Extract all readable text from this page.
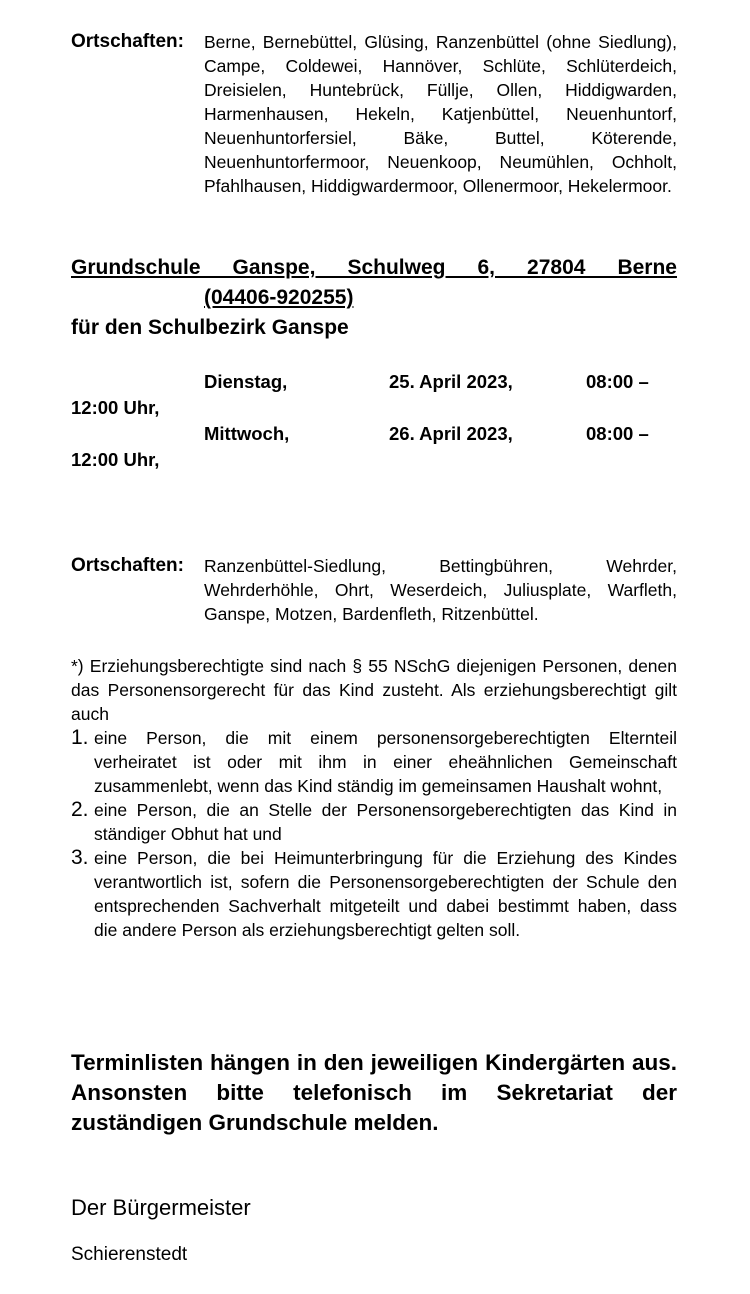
Ortschaften: Berne, Bernebüttel, Glüsing, Ranzenbüttel (ohne Siedlung), Campe, Coldewei, Hannöver, Schlüte, Schlüterdeich, Dreisielen, Huntebrück, Füllje, Ollen, Hiddigwarden, Harmenhausen, Hekeln, Katjenbüttel, Neuenhuntorf, Neuenhuntorfersiel, Bäke, Buttel, Köterende, Neuenhuntorfermoor, Neuenkoop, Neumühlen, Ochholt, Pfahlhausen, Hiddigwardermoor, Ollenermoor, Hekelermoor.
Grundschule Ganspe, Schulweg 6, 27804 Berne
(04406-920255)
für den Schulbezirk Ganspe
Dienstag,	25. April 2023,	08:00 –
12:00 Uhr,
Mittwoch,	26. April 2023,	08:00 –
12:00 Uhr,
Ortschaften: Ranzenbüttel-Siedlung, Bettingbühren, Wehrder, Wehrderhöhle, Ohrt, Weserdeich, Juliusplate, Warfleth, Ganspe, Motzen, Bardenfleth, Ritzenbüttel.
*) Erziehungsberechtigte sind nach § 55 NSchG diejenigen Personen, denen das Personensorgerecht für das Kind zusteht. Als erziehungsberechtigt gilt auch
1. eine Person, die mit einem personensorgeberechtigten Elternteil verheiratet ist oder mit ihm in einer eheähnlichen Gemeinschaft zusammenlebt, wenn das Kind ständig im gemeinsamen Haushalt wohnt,
2. eine Person, die an Stelle der Personensorgeberechtigten das Kind in ständiger Obhut hat und
3. eine Person, die bei Heimunterbringung für die Erziehung des Kindes verantwortlich ist, sofern die Personensorgeberechtigten der Schule den entsprechenden Sachverhalt mitgeteilt und dabei bestimmt haben, dass die andere Person als erziehungsberechtigt gelten soll.
Terminlisten hängen in den jeweiligen Kindergärten aus. Ansonsten bitte telefonisch im Sekretariat der zuständigen Grundschule melden.
Der Bürgermeister
Schierenstedt
